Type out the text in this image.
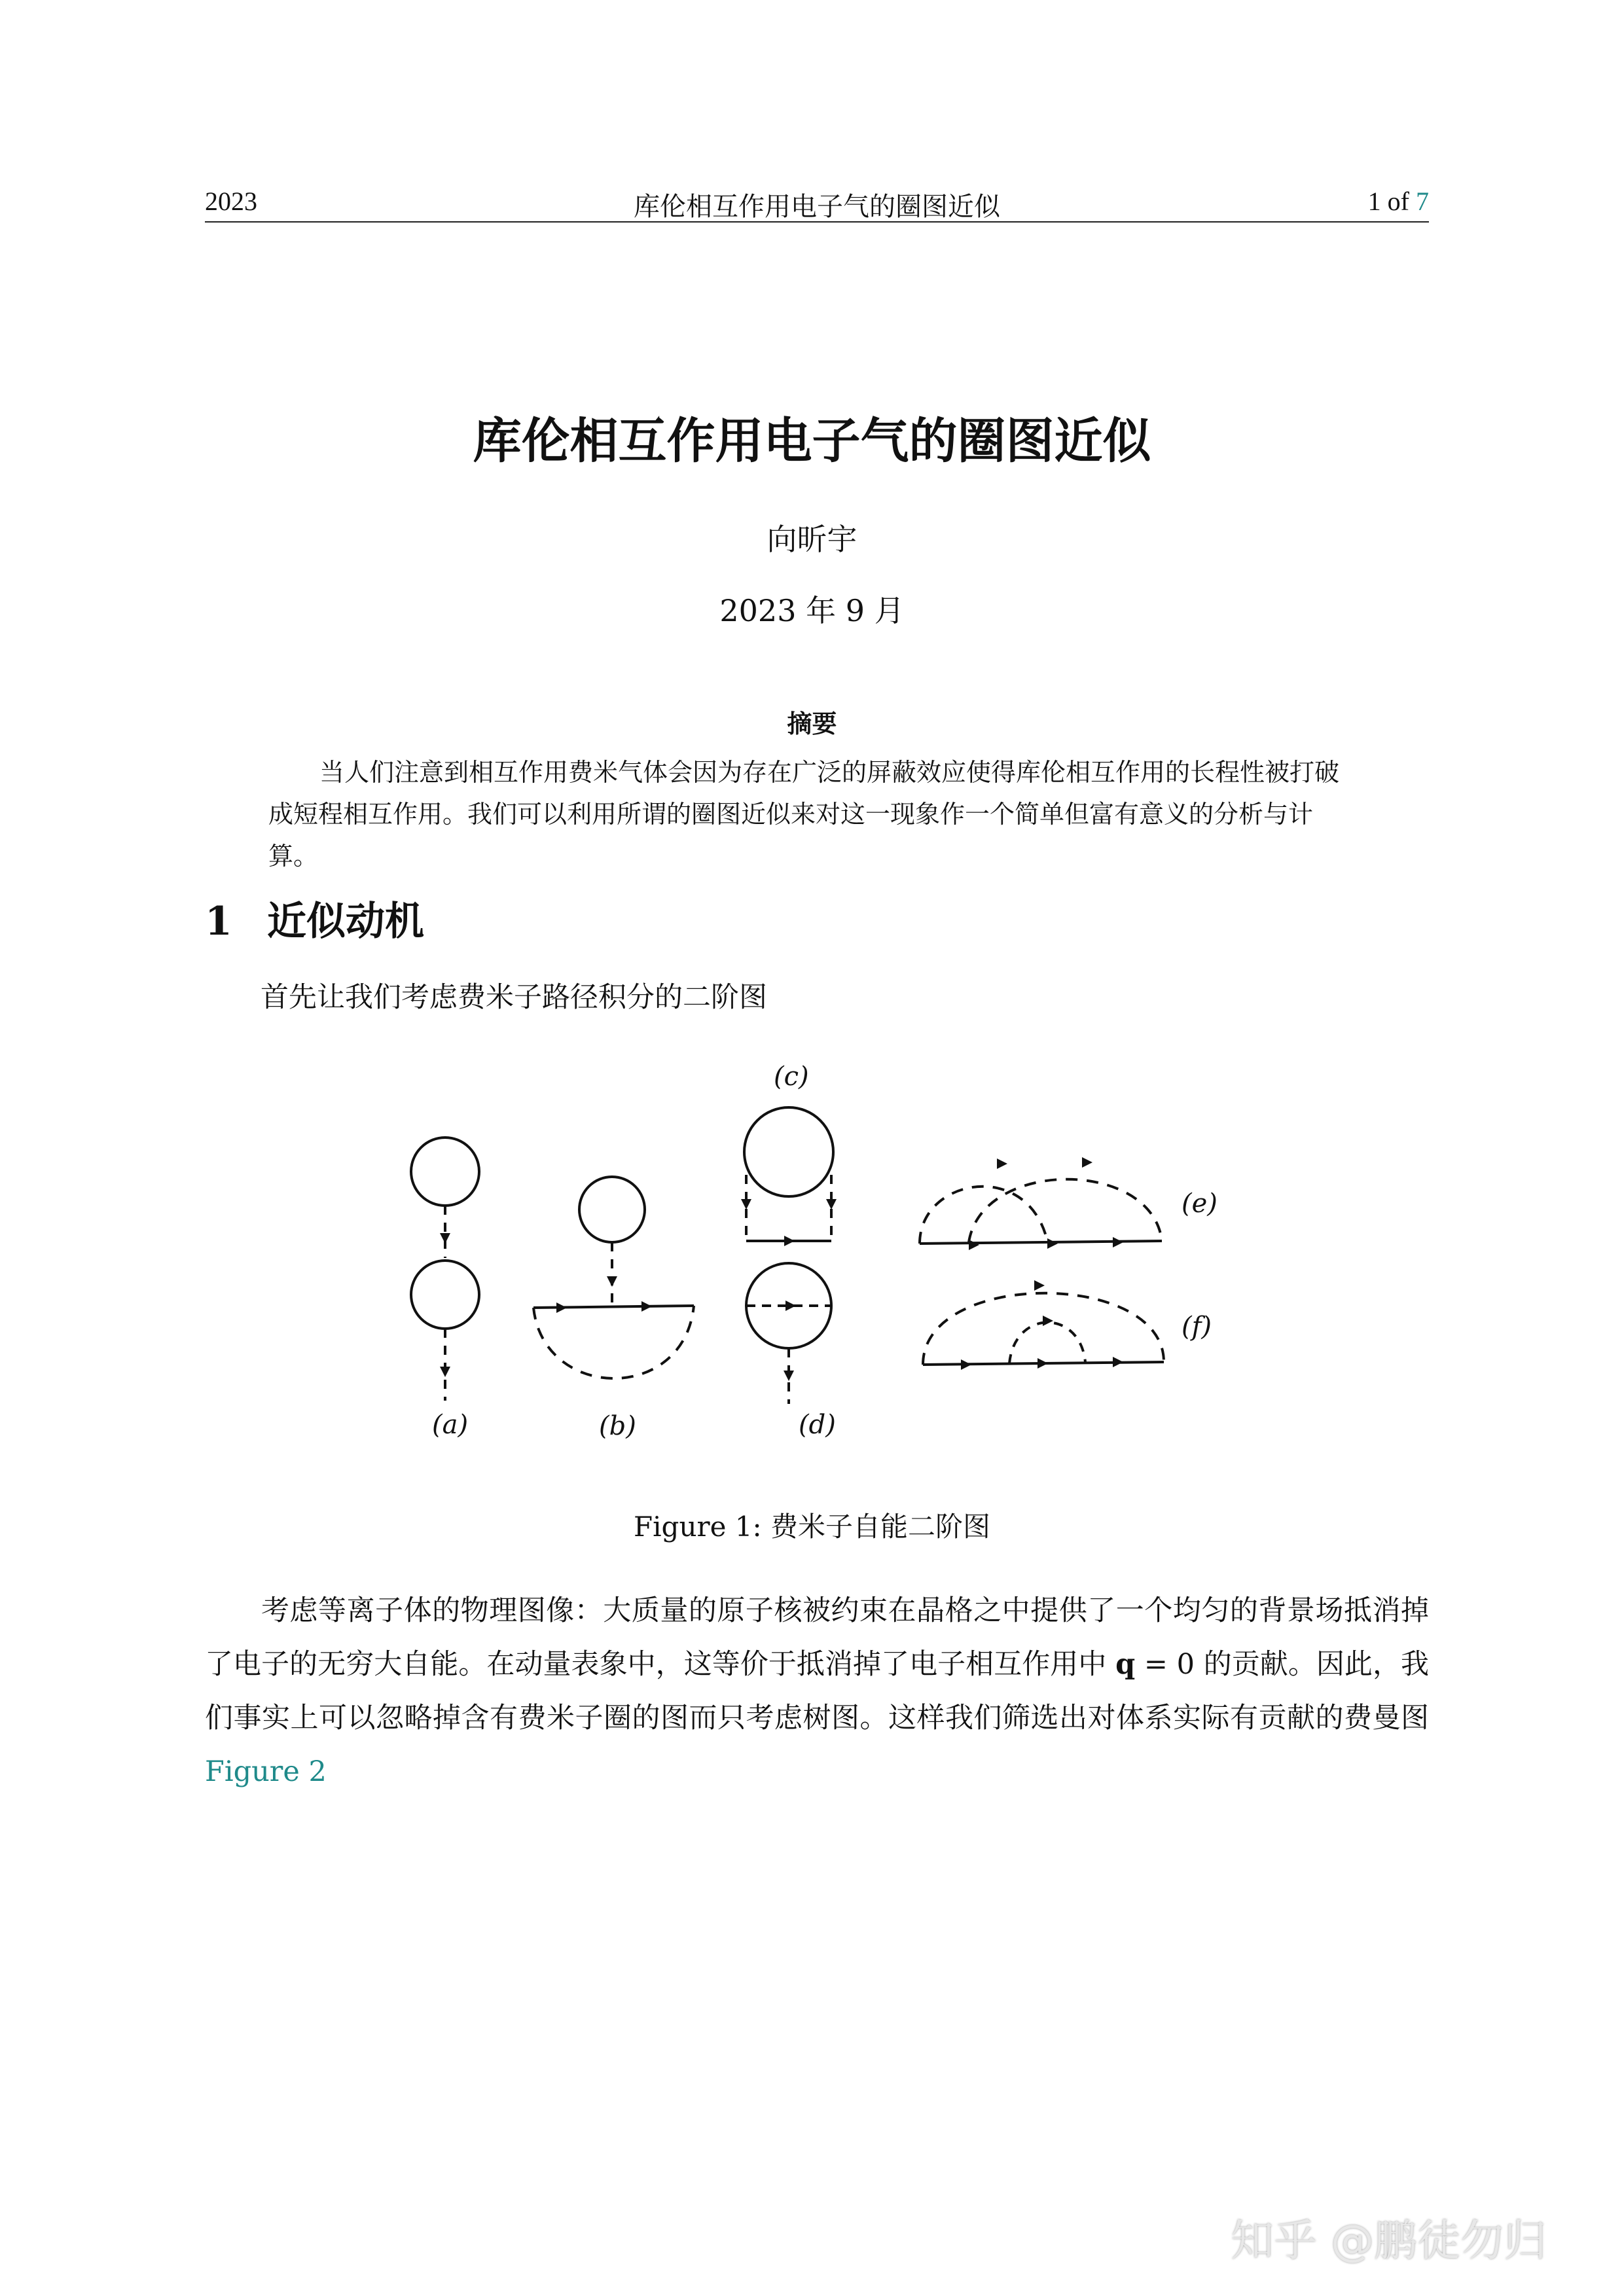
2023	库伦相互作用电子气的圈图近似	1 of 7
库伦相互作用电子气的圈图近似
向昕宇
2023 年 9 月
摘要
当人们注意到相互作用费米气体会因为存在广泛的屏蔽效应使得库伦相互作用的长程性被打破成短程相互作用。我们可以利用所谓的圈图近似来对这一现象作一个简单但富有意义的分析与计算。
1 近似动机
首先让我们考虑费米子路径积分的二阶图
(a)	(b)
(c)
(d)
(e)
(f)
Figure 1: 费米子自能二阶图
考虑等离子体的物理图像：大质量的原子核被约束在晶格之中提供了一个均匀的背景场抵消掉了电子的无穷大自能。在动量表象中，这等价于抵消掉了电子相互作用中 q = 0 的贡献。因此，我们事实上可以忽略掉含有费米子圈的图而只考虑树图。这样我们筛选出对体系实际有贡献的费曼图Figure 2
知乎 @鹏徒勿归
